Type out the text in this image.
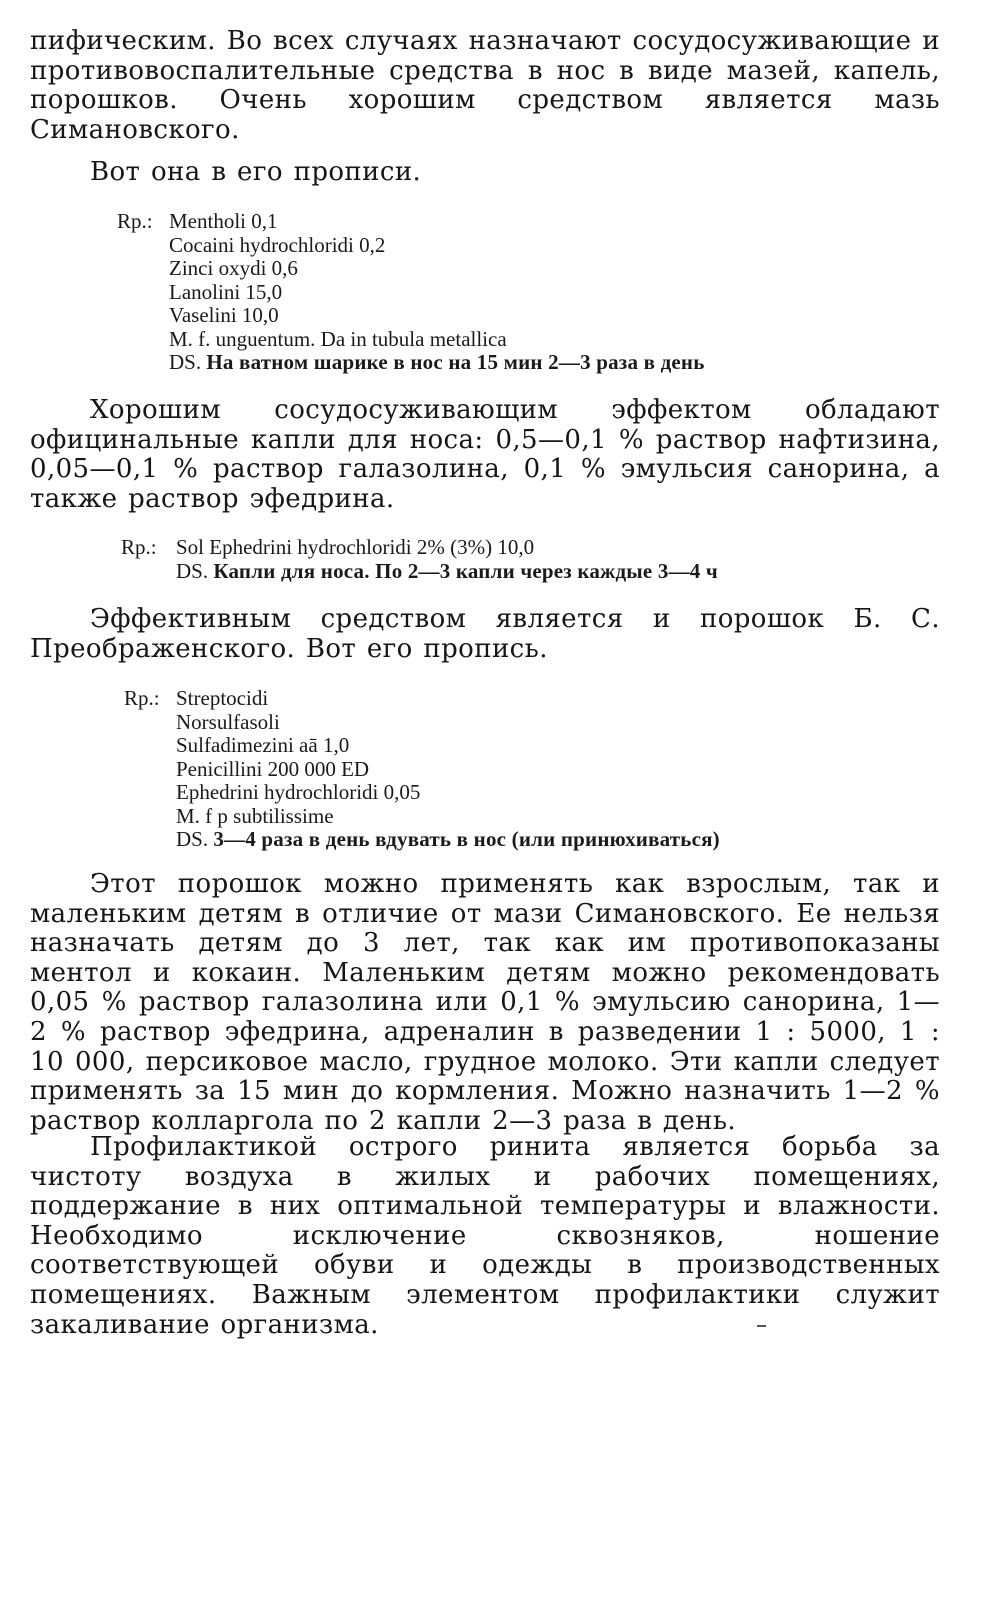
пифическим. Во всех случаях назначают сосудосуживающие и противовоспалительные средства в нос в виде мазей, капель, порошков. Очень хорошим средством является мазь Симановского.

Вот она в его прописи.

Rp.: Mentholi 0,1
Cocaini hydrochloridi 0,2
Zinci oxydi 0,6
Lanolini 15,0
Vaselini 10,0
M. f. unguentum. Da in tubula metallica
DS. На ватном шарике в нос на 15 мин 2—3 раза в день

Хорошим сосудосуживающим эффектом обладают официнальные капли для носа: 0,5—0,1 % раствор нафтизина, 0,05—0,1 % раствор галазолина, 0,1 % эмульсия санорина, а также раствор эфедрина.

Rp.: Sol Ephedrini hydrochloridi 2% (3%) 10,0
DS. Капли для носа. По 2—3 капли через каждые 3—4 ч

Эффективным средством является и порошок Б. С. Преображенского. Вот его пропись.

Rp.: Streptocidi
Norsulfasoli
Sulfadimezini aā 1,0
Penicillini 200 000 ED
Ephedrini hydrochloridi 0,05
M. f p subtilissime
DS. 3—4 раза в день вдувать в нос (или принюхиваться)

Этот порошок можно применять как взрослым, так и маленьким детям в отличие от мази Симановского. Ее нельзя назначать детям до 3 лет, так как им противопоказаны ментол и кокаин. Маленьким детям можно рекомендовать 0,05 % раствор галазолина или 0,1 % эмульсию санорина, 1—2 % раствор эфедрина, адреналин в разведении 1 : 5000, 1 : 10 000, персиковое масло, грудное молоко. Эти капли следует применять за 15 мин до кормления. Можно назначить 1—2 % раствор колларгола по 2 капли 2—3 раза в день.

Профилактикой острого ринита является борьба за чистоту воздуха в жилых и рабочих помещениях, поддержание в них оптимальной температуры и влажности. Необходимо исключение сквозняков, ношение соответствующей обуви и одежды в производственных помещениях. Важным элементом профилактики служит закаливание организма.
